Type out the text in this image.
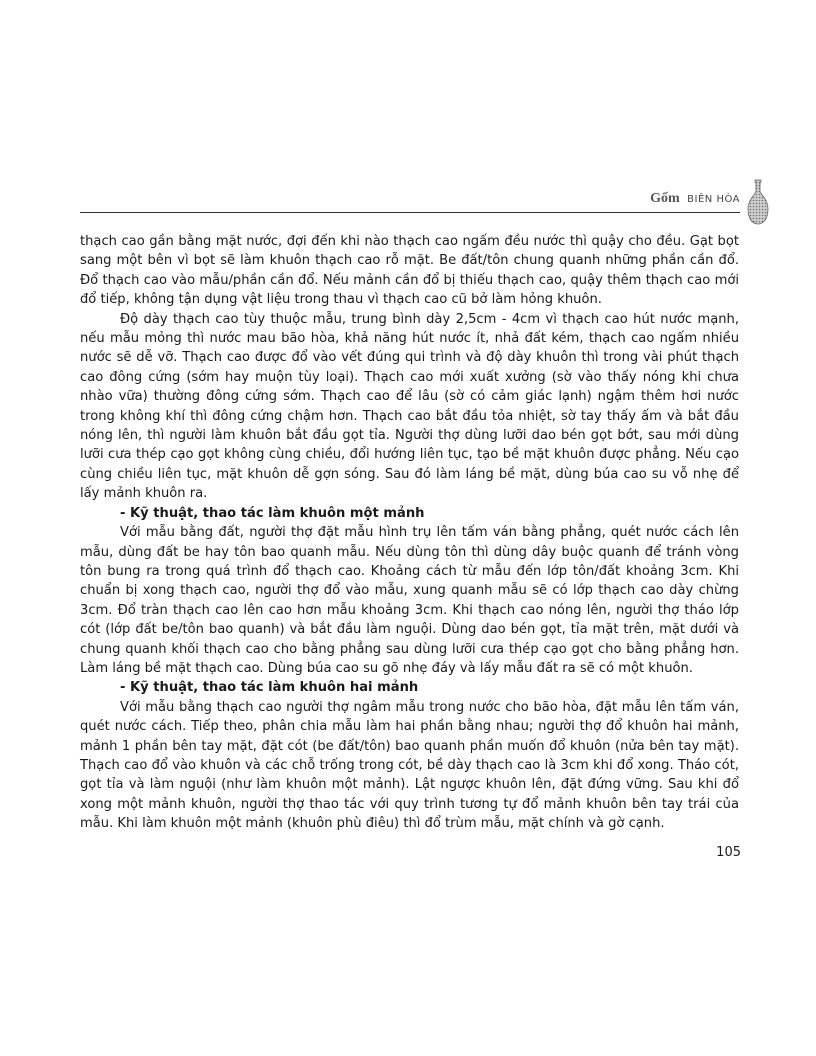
Gốm BIÊN HÒA

thạch cao gần bằng mặt nước, đợi đến khi nào thạch cao ngấm đều nước thì quậy cho đều. Gạt bọt sang một bên vì bọt sẽ làm khuôn thạch cao rỗ mặt. Be đất/tôn chung quanh những phần cần đổ. Đổ thạch cao vào mẫu/phần cần đổ. Nếu mảnh cần đổ bị thiếu thạch cao, quậy thêm thạch cao mới đổ tiếp, không tận dụng vật liệu trong thau vì thạch cao cũ bở làm hỏng khuôn.

Độ dày thạch cao tùy thuộc mẫu, trung bình dày 2,5cm - 4cm vì thạch cao hút nước mạnh, nếu mẫu mỏng thì nước mau bão hòa, khả năng hút nước ít, nhả đất kém, thạch cao ngấm nhiều nước sẽ dễ vỡ. Thạch cao được đổ vào vết đúng qui trình và độ dày khuôn thì trong vài phút thạch cao đông cứng (sớm hay muộn tùy loại). Thạch cao mới xuất xưởng (sờ vào thấy nóng khi chưa nhào vữa) thường đông cứng sớm. Thạch cao để lâu (sờ có cảm giác lạnh) ngậm thêm hơi nước trong không khí thì đông cứng chậm hơn. Thạch cao bắt đầu tỏa nhiệt, sờ tay thấy ấm và bắt đầu nóng lên, thì người làm khuôn bắt đầu gọt tỉa. Người thợ dùng lưỡi dao bén gọt bớt, sau mới dùng lưỡi cưa thép cạo gọt không cùng chiều, đổi hướng liên tục, tạo bề mặt khuôn được phẳng. Nếu cạo cùng chiều liên tục, mặt khuôn dễ gợn sóng. Sau đó làm láng bề mặt, dùng búa cao su vỗ nhẹ để lấy mảnh khuôn ra.

- Kỹ thuật, thao tác làm khuôn một mảnh

Với mẫu bằng đất, người thợ đặt mẫu hình trụ lên tấm ván bằng phẳng, quét nước cách lên mẫu, dùng đất be hay tôn bao quanh mẫu. Nếu dùng tôn thì dùng dây buộc quanh để tránh vòng tôn bung ra trong quá trình đổ thạch cao. Khoảng cách từ mẫu đến lớp tôn/đất khoảng 3cm. Khi chuẩn bị xong thạch cao, người thợ đổ vào mẫu, xung quanh mẫu sẽ có lớp thạch cao dày chừng 3cm. Đổ tràn thạch cao lên cao hơn mẫu khoảng 3cm. Khi thạch cao nóng lên, người thợ tháo lớp cót (lớp đất be/tôn bao quanh) và bắt đầu làm nguội. Dùng dao bén gọt, tỉa mặt trên, mặt dưới và chung quanh khối thạch cao cho bằng phẳng sau dùng lưỡi cưa thép cạo gọt cho bằng phẳng hơn. Làm láng bề mặt thạch cao. Dùng búa cao su gõ nhẹ đáy và lấy mẫu đất ra sẽ có một khuôn.

- Kỹ thuật, thao tác làm khuôn hai mảnh

Với mẫu bằng thạch cao người thợ ngâm mẫu trong nước cho bão hòa, đặt mẫu lên tấm ván, quét nước cách. Tiếp theo, phân chia mẫu làm hai phần bằng nhau; người thợ đổ khuôn hai mảnh, mảnh 1 phần bên tay mặt, đặt cót (be đất/tôn) bao quanh phần muốn đổ khuôn (nửa bên tay mặt). Thạch cao đổ vào khuôn và các chỗ trống trong cót, bề dày thạch cao là 3cm khi đổ xong. Tháo cót, gọt tỉa và làm nguội (như làm khuôn một mảnh). Lật ngược khuôn lên, đặt đứng vững. Sau khi đổ xong một mảnh khuôn, người thợ thao tác với quy trình tương tự đổ mảnh khuôn bên tay trái của mẫu. Khi làm khuôn một mảnh (khuôn phù điêu) thì đổ trùm mẫu, mặt chính và gờ cạnh.

105
